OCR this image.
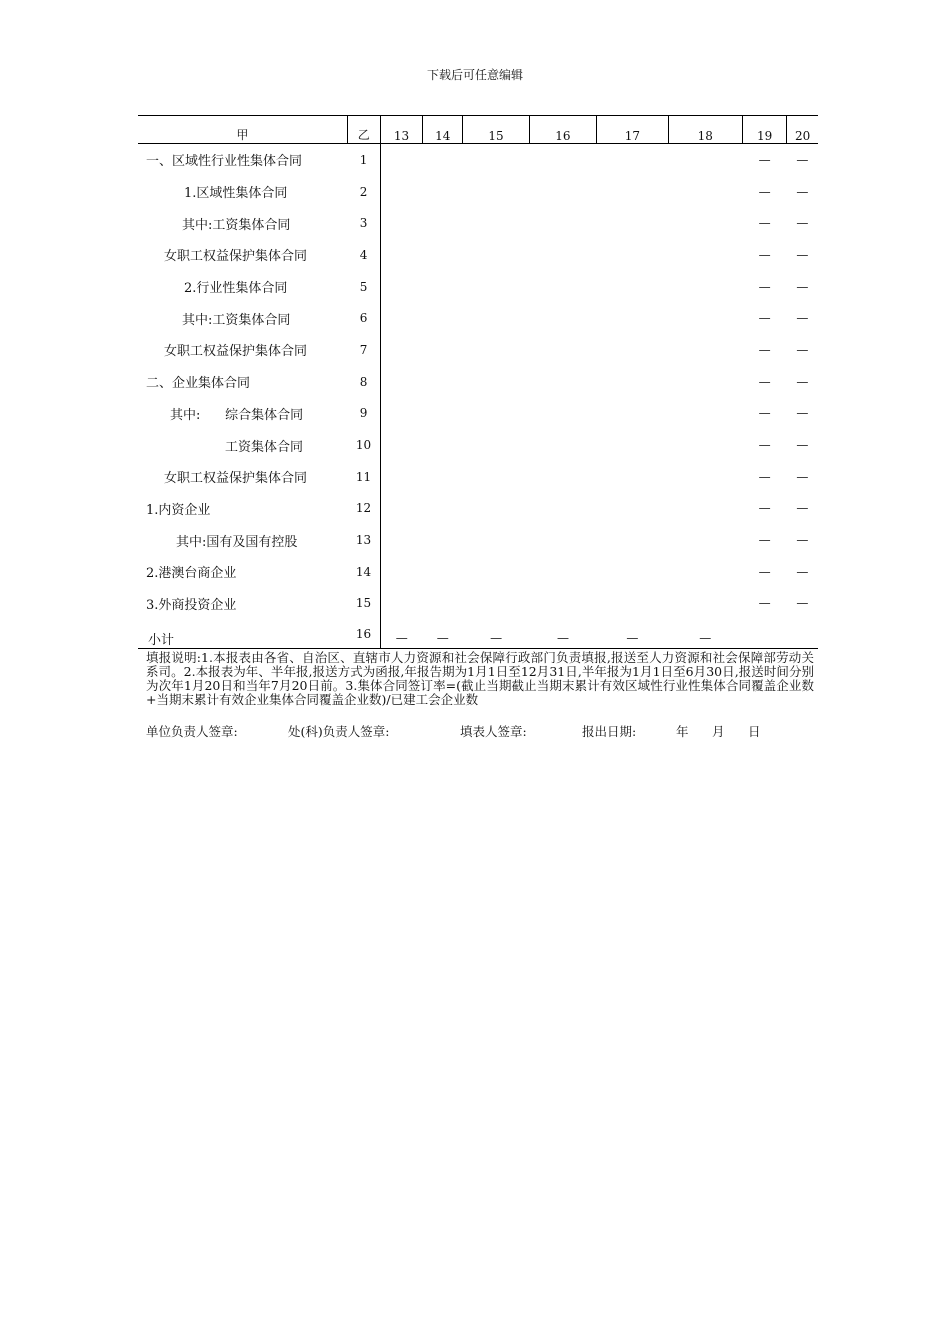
下载后可任意编辑
甲	乙	13	14	15	16	17	18	19	20
一、区域性行业性集体合同	1							—	—
1.区域性集体合同	2							—	—
其中:工资集体合同	3							—	—
女职工权益保护集体合同	4							—	—
2.行业性集体合同	5							—	—
其中:工资集体合同	6							—	—
女职工权益保护集体合同	7							—	—
二、企业集体合同	8							—	—
其中:      综合集体合同	9							—	—
工资集体合同	10							—	—
女职工权益保护集体合同	11							—	—
1.内资企业	12							—	—
其中:国有及国有控股	13							—	—
2.港澳台商企业	14							—	—
3.外商投资企业	15							—	—
小计	16	—	—	—	—	—	—		
填报说明:1.本报表由各省、自治区、直辖市人力资源和社会保障行政部门负责填报,报送至人力资源和社会保障部劳动关系司。2.本报表为年、半年报,报送方式为函报,年报告期为1月1日至12月31日,半年报为1月1日至6月30日,报送时间分别为次年1月20日和当年7月20日前。3.集体合同签订率=(截止当期截止当期末累计有效区域性行业性集体合同覆盖企业数+当期末累计有效企业集体合同覆盖企业数)/已建工会企业数
单位负责人签章:	处(科)负责人签章:	填表人签章:	报出日期:	年 月 日
